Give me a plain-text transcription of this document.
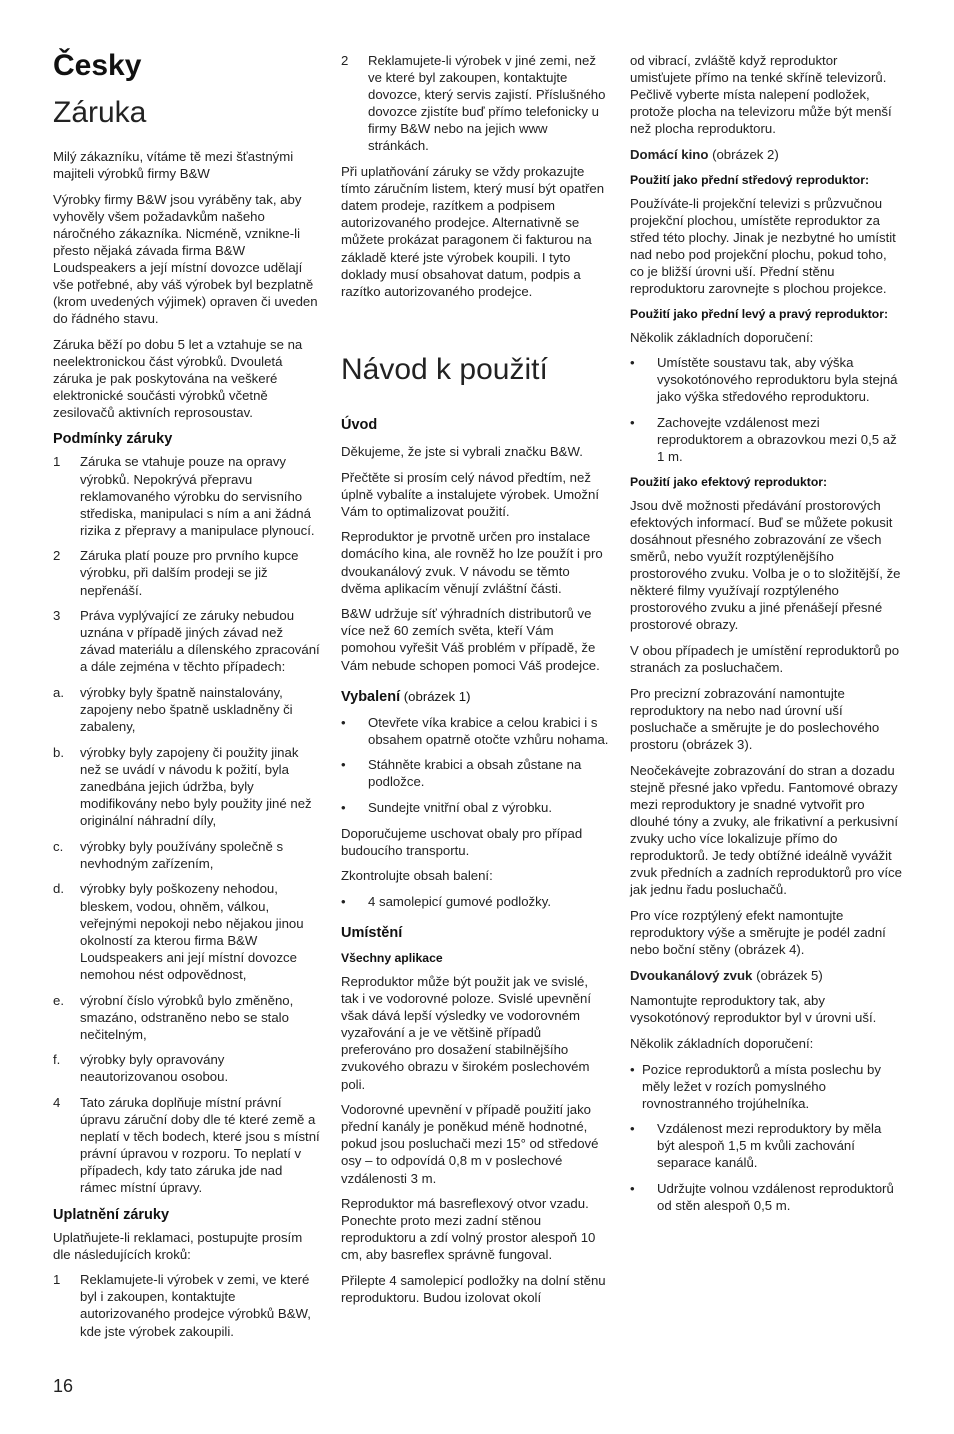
Česky
Záruka

Milý zákazníku, vítáme tě mezi šťastnými majiteli výrobků firmy B&W

Výrobky firmy B&W jsou vyráběny tak, aby vyhověly všem požadavkům našeho náročného zákazníka. Nicméně, vznikne-li přesto nějaká závada firma B&W Loudspeakers a její místní dovozce udělají vše potřebné, aby váš výrobek byl bezplatně (krom uvedených výjimek) opraven či uveden do řádného stavu.

Záruka běží po dobu 5 let a vztahuje se na neelektronickou část výrobků. Dvouletá záruka je pak poskytována na veškeré elektronické součásti výrobků včetně zesilovačů aktivních reprosoustav.

Podmínky záruky
1 Záruka se vtahuje pouze na opravy výrobků. Nepokrývá přepravu reklamovaného výrobku do servisního střediska, manipulaci s ním a ani žádná rizika z přepravy a manipulace plynoucí.
2 Záruka platí pouze pro prvního kupce výrobku, při dalším prodeji se již nepřenáší.
3 Práva vyplývající ze záruky nebudou uznána v případě jiných závad než závad materiálu a dílenského zpracování a dále zejména v těchto případech:
a. výrobky byly špatně nainstalovány, zapojeny nebo špatně uskladněny či zabaleny,
b. výrobky byly zapojeny či použity jinak než se uvádí v návodu k požití, byla zanedbána jejich údržba, byly modifikovány nebo byly použity jiné než originální náhradní díly,
c. výrobky byly používány společně s nevhodným zařízením,
d. výrobky byly poškozeny nehodou, bleskem, vodou, ohněm, válkou, veřejnými nepokoji nebo nějakou jinou okolností za kterou firma B&W Loudspeakers ani její místní dovozce nemohou nést odpovědnost,
e. výrobní číslo výrobků bylo změněno, smazáno, odstraněno nebo se stalo nečitelným,
f. výrobky byly opravovány neautorizovanou osobou.
4 Tato záruka doplňuje místní právní úpravu záruční doby dle té které země a neplatí v těch bodech, které jsou s místní právní úpravou v rozporu. To neplatí v případech, kdy tato záruka jde nad rámec místní úpravy.
Uplatnění záruky

Uplatňujete-li reklamaci, postupujte prosím dle následujících kroků:

1 Reklamujete-li výrobek v zemi, ve které byl i zakoupen, kontaktujte autorizovaného prodejce výrobků B&W, kde jste výrobek zakoupili.
2 Reklamujete-li výrobek v jiné zemi, než ve které byl zakoupen, kontaktujte dovozce, který servis zajistí. Příslušného dovozce zjistíte buď přímo telefonicky u firmy B&W nebo na jejich www stránkách.

Při uplatňování záruky se vždy prokazujte tímto záručním listem, který musí být opatřen datem prodeje, razítkem a podpisem autorizovaného prodejce. Alternativně se můžete prokázat paragonem či fakturou na základě které jste výrobek koupili. I tyto doklady musí obsahovat datum, podpis a razítko autorizovaného prodejce.

Návod k použití
Úvod

Děkujeme, že jste si vybrali značku B&W.

Přečtěte si prosím celý návod předtím, než úplně vybalíte a instalujete výrobek. Umožní Vám to optimalizovat použití.

Reproduktor je prvotně určen pro instalace domácího kina, ale rovněž ho lze použít i pro dvoukanálový zvuk. V návodu se těmto dvěma aplikacím věnují zvláštní části.

B&W udržuje síť výhradních distributorů ve více než 60 zemích světa, kteří Vám pomohou vyřešit Váš problém v případě, že Vám nebude schopen pomoci Váš prodejce.

Vybalení (obrázek 1)
• Otevřete víka krabice a celou krabici i s obsahem opatrně otočte vzhůru nohama.
• Stáhněte krabici a obsah zůstane na podložce.
• Sundejte vnitřní obal z výrobku.

Doporučujeme uschovat obaly pro případ budoucího transportu.

Zkontrolujte obsah balení:

• 4 samolepicí gumové podložky.
Umístění
Všechny aplikace

Reproduktor může být použit jak ve svislé, tak i ve vodorovné poloze. Svislé upevnění však dává lepší výsledky ve vodorovném vyzařování a je ve většině případů preferováno pro dosažení stabilnějšího zvukového obrazu v širokém poslechovém poli.

Vodorovné upevnění v případě použití jako přední kanály je poněkud méně hodnotné, pokud jsou posluchači mezi 15° od středové osy – to odpovídá 0,8 m v poslechové vzdálenosti 3 m.

Reproduktor má basreflexový otvor vzadu. Ponechte proto mezi zadní stěnou reproduktoru a zdí volný prostor alespoň 10 cm, aby basreflex správně fungoval.

Přilepte 4 samolepicí podložky na dolní stěnu reproduktoru. Budou izolovat okolí

od vibrací, zvláště když reproduktor umisťujete přímo na tenké skříně televizorů. Pečlivě vyberte místa nalepení podložek, protože plocha na televizoru může být menší než plocha reproduktoru.

Domácí kino (obrázek 2)

Použití jako přední středový reproduktor:

Používáte-li projekční televizi s průzvučnou projekční plochou, umístěte reproduktor za střed této plochy. Jinak je nezbytné ho umístit nad nebo pod projekční plochu, pokud toho, co je bližší úrovni uší. Přední stěnu reproduktoru zarovnejte s plochou projekce.

Použití jako přední levý a pravý reproduktor:

Několik základních doporučení:

• Umístěte soustavu tak, aby výška vysokotónového reproduktoru byla stejná jako výška středového reproduktoru.
• Zachovejte vzdálenost mezi reproduktorem a obrazovkou mezi 0,5 až 1 m.
Použití jako efektový reproduktor:

Jsou dvě možnosti předávání prostorových efektových informací. Buď se můžete pokusit dosáhnout přesného zobrazování ze všech směrů, nebo využít rozptýlenějšího prostorového zvuku. Volba je o to složitější, že některé filmy využívají rozptýleného prostorového zvuku a jiné přenášejí přesné prostorové obrazy.

V obou případech je umístění reproduktorů po stranách za posluchačem.

Pro precizní zobrazování namontujte reproduktory na nebo nad úrovní uší posluchače a směrujte je do poslechového prostoru (obrázek 3).

Neočekávejte zobrazování do stran a dozadu stejně přesné jako vpředu. Fantomové obrazy mezi reproduktory je snadné vytvořit pro dlouhé tóny a zvuky, ale frikativní a perkusivní zvuky ucho více lokalizuje přímo do reproduktorů. Je tedy obtížné ideálně vyvážit zvuk předních a zadních reproduktorů pro více jak jednu řadu posluchačů.

Pro více rozptýlený efekt namontujte reproduktory výše a směrujte je podél zadní nebo boční stěny (obrázek 4).

Dvoukanálový zvuk (obrázek 5)

Namontujte reproduktory tak, aby vysokotónový reproduktor byl v úrovni uší.

Několik základních doporučení:

• Pozice reproduktorů a místa poslechu by měly ležet v rozích pomyslného rovnostranného trojúhelníka.
• Vzdálenost mezi reproduktory by měla být alespoň 1,5 m kvůli zachování separace kanálů.
• Udržujte volnou vzdálenost reproduktorů od stěn alespoň 0,5 m.
16
